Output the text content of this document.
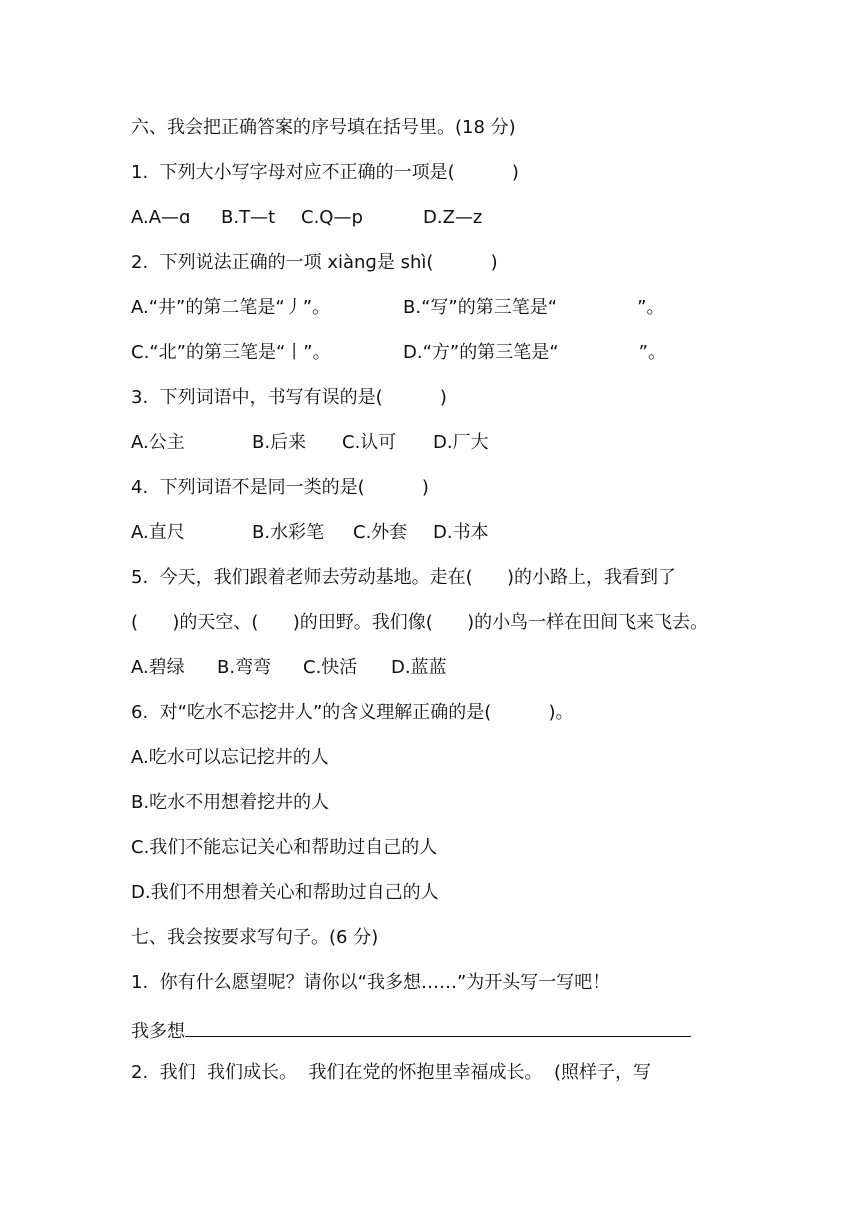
六、我会把正确答案的序号填在括号里。(18 分)
1.  下列大小写字母对应不正确的一项是(          )
A.A—ɑ B.T—t C.Q—p	D.Z—z
2.  下列说法正确的一项 xiànɡ是 shì(          )
A.“井”的第二笔是“丿”。	B.“写”的第三笔是“              ”。
C.“北”的第三笔是“丨”。	D.“方”的第三笔是“              ”。
3.  下列词语中，书写有误的是(          )
A.公主	B.后来 C.认可 D.厂大
4.  下列词语不是同一类的是(          )
A.直尺	B.水彩笔 C.外套 D.书本
5.  今天，我们跟着老师去劳动基地。走在(      )的小路上，我看到了
(      )的天空、(      )的田野。我们像(      )的小鸟一样在田间飞来飞去。
A.碧绿 B.弯弯 C.快活 D.蓝蓝
6.  对“吃水不忘挖井人”的含义理解正确的是(          )。
A.吃水可以忘记挖井的人
B.吃水不用想着挖井的人
C.我们不能忘记关心和帮助过自己的人
D.我们不用想着关心和帮助过自己的人
七、我会按要求写句子。(6 分)
1.  你有什么愿望呢？请你以“我多想……”为开头写一写吧！
我多想
2.  我们  我们成长。  我们在党的怀抱里幸福成长。  (照样子，写
